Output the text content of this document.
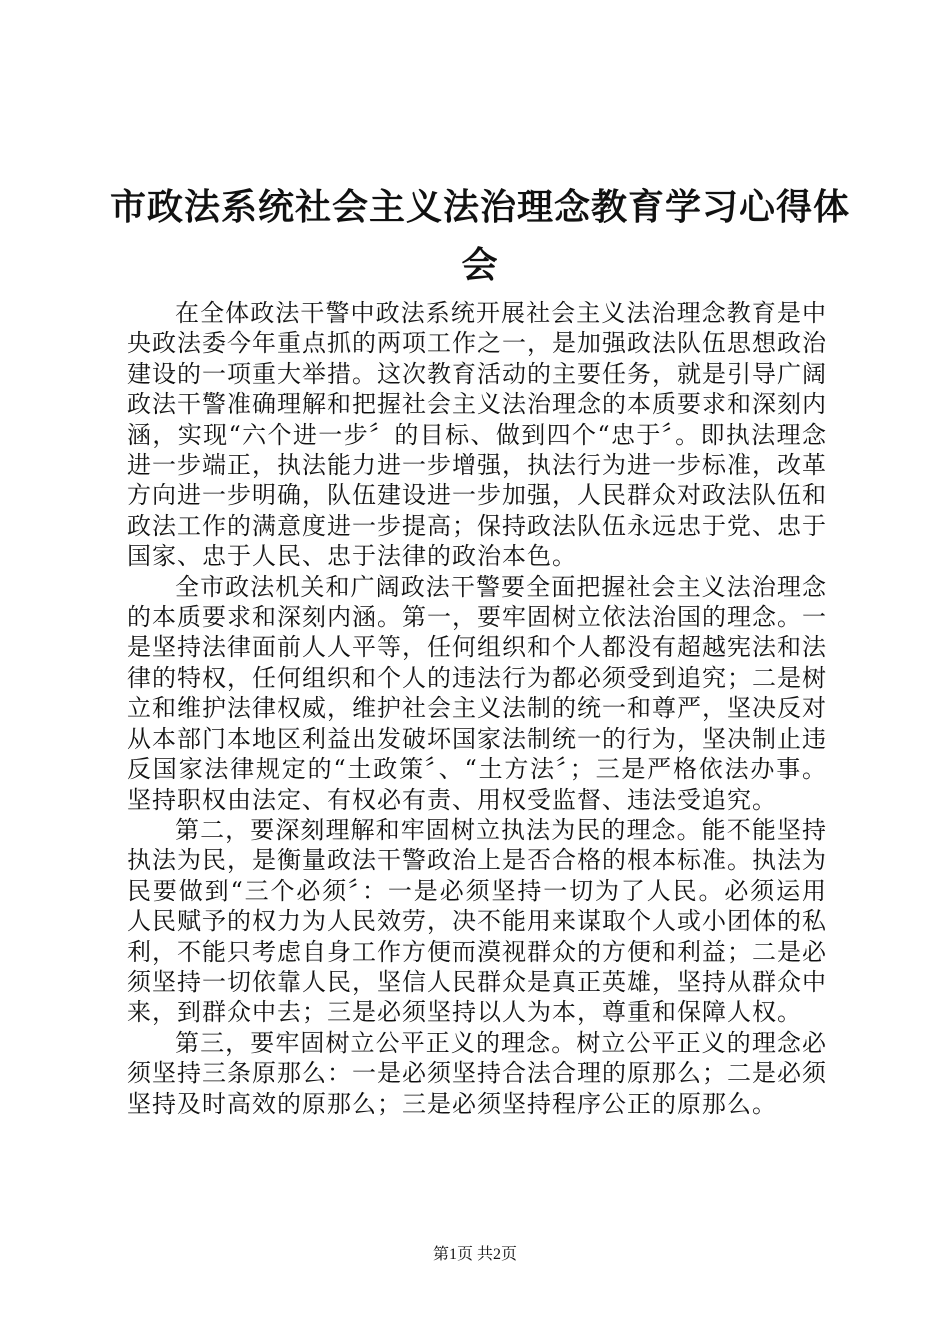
市政法系统社会主义法治理念教育学习心得体会

在全体政法干警中政法系统开展社会主义法治理念教育是中央政法委今年重点抓的两项工作之一，是加强政法队伍思想政治建设的一项重大举措。这次教育活动的主要任务，就是引导广阔政法干警准确理解和把握社会主义法治理念的本质要求和深刻内涵，实现“六个进一步〞的目标、做到四个“忠于〞。即执法理念进一步端正，执法能力进一步增强，执法行为进一步标准，改革方向进一步明确，队伍建设进一步加强，人民群众对政法队伍和政法工作的满意度进一步提高；保持政法队伍永远忠于党、忠于国家、忠于人民、忠于法律的政治本色。

全市政法机关和广阔政法干警要全面把握社会主义法治理念的本质要求和深刻内涵。第一，要牢固树立依法治国的理念。一是坚持法律面前人人平等，任何组织和个人都没有超越宪法和法律的特权，任何组织和个人的违法行为都必须受到追究；二是树立和维护法律权威，维护社会主义法制的统一和尊严，坚决反对从本部门本地区利益出发破坏国家法制统一的行为，坚决制止违反国家法律规定的“土政策〞、“土方法〞；三是严格依法办事。坚持职权由法定、有权必有责、用权受监督、违法受追究。

第二，要深刻理解和牢固树立执法为民的理念。能不能坚持执法为民，是衡量政法干警政治上是否合格的根本标准。执法为民要做到“三个必须〞：一是必须坚持一切为了人民。必须运用人民赋予的权力为人民效劳，决不能用来谋取个人或小团体的私利，不能只考虑自身工作方便而漠视群众的方便和利益；二是必须坚持一切依靠人民，坚信人民群众是真正英雄，坚持从群众中来，到群众中去；三是必须坚持以人为本，尊重和保障人权。

第三，要牢固树立公平正义的理念。树立公平正义的理念必须坚持三条原那么：一是必须坚持合法合理的原那么；二是必须坚持及时高效的原那么；三是必须坚持程序公正的原那么。

第1页 共2页
